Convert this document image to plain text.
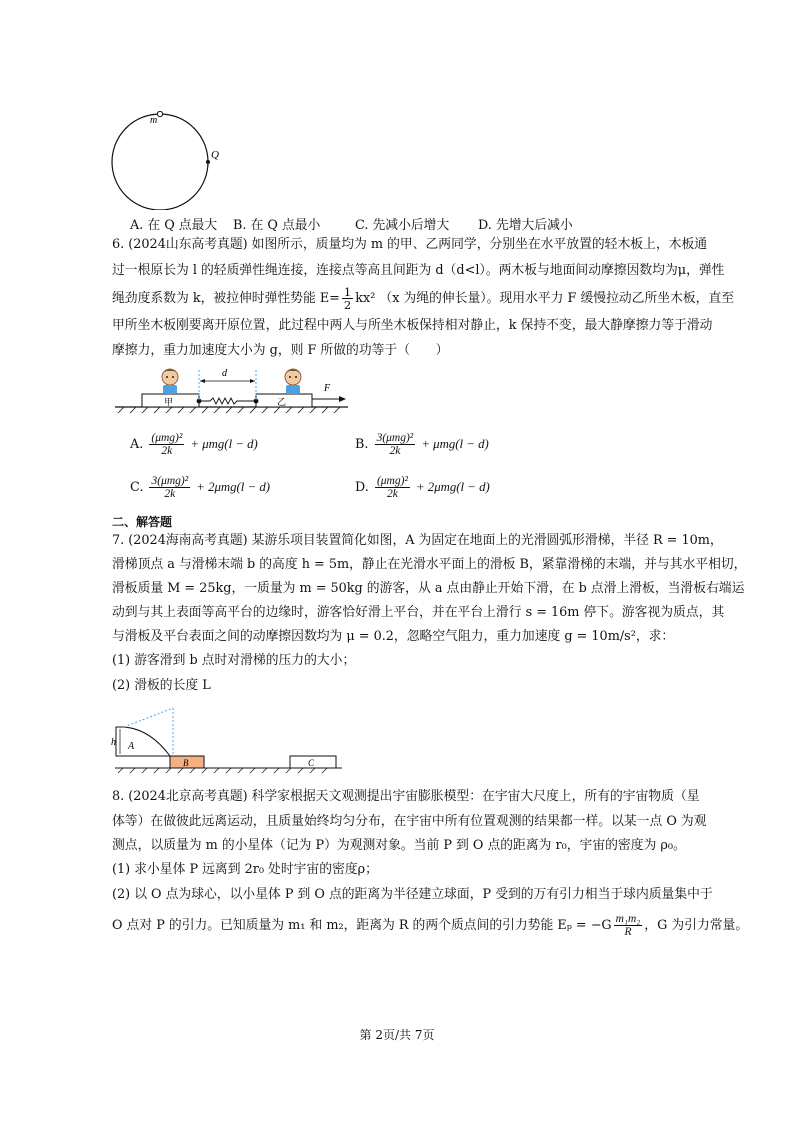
m
Q
A. 在 Q 点最大 B. 在 Q 点最小	C. 先减小后增大 D. 先增大后减小
6. (2024山东高考真题) 如图所示，质量均为 m 的甲、乙两同学，分别坐在水平放置的轻木板上，木板通
过一根原长为 l 的轻质弹性绳连接，连接点等高且间距为 d（d<l）。两木板与地面间动摩擦因数均为μ，弹性
绳劲度系数为 k，被拉伸时弹性势能 $E= \frac{1}{2} kx^2$ （x 为绳的伸长量）。现用水平力 F 缓慢拉动乙所坐木板，直至
甲所坐木板刚要离开原位置，此过程中两人与所坐木板保持相对静止，k 保持不变，最大静摩擦力等于滑动
摩擦力，重力加速度大小为 g，则 F 所做的功等于（　　）
甲	乙
d
F
A. $\frac{\text{(μmg)²}}{2k} + \mu mg(l - d)$	B. $\frac{\text{3(μmg)²}}{2k} + \mu mg(l - d)$
C. $\frac{\text{3(μmg)²}}{2k} + 2\mu mg(l - d)$	D. $\frac{\text{(μmg)²}}{2k} + 2\mu mg(l - d)$
二、解答题
7. (2024海南高考真题) 某游乐项目装置简化如图，A 为固定在地面上的光滑圆弧形滑梯，半径 R = 10m，
滑梯顶点 a 与滑梯末端 b 的高度 h = 5m，静止在光滑水平面上的滑板 B，紧靠滑梯的末端，并与其水平相切，
滑板质量 M = 25kg，一质量为 m = 50kg 的游客，从 a 点由静止开始下滑，在 b 点滑上滑板，当滑板右端运
动到与其上表面等高平台的边缘时，游客恰好滑上平台，并在平台上滑行 s = 16m 停下。游客视为质点，其
与滑板及平台表面之间的动摩擦因数均为 μ = 0.2，忽略空气阻力，重力加速度 g = 10m/s²，求：
(1) 游客滑到 b 点时对滑梯的压力的大小；
(2) 滑板的长度 L
A
h
B	C
8. (2024北京高考真题) 科学家根据天文观测提出宇宙膨胀模型：在宇宙大尺度上，所有的宇宙物质（星
体等）在做彼此远离运动，且质量始终均匀分布，在宇宙中所有位置观测的结果都一样。以某一点 O 为观
测点，以质量为 m 的小星体（记为 P）为观测对象。当前 P 到 O 点的距离为 r₀，宇宙的密度为 ρ₀。
(1) 求小星体 P 远离到 2r₀ 处时宇宙的密度ρ；
(2) 以 O 点为球心，以小星体 P 到 O 点的距离为半径建立球面，P 受到的万有引力相当于球内质量集中于
O 点对 P 的引力。已知质量为 m₁ 和 m₂，距离为 R 的两个质点间的引力势能 $E_p = -G \frac{\text{m₁m₂}}{R}$ ，G 为引力常量。
第 2页/共 7页
